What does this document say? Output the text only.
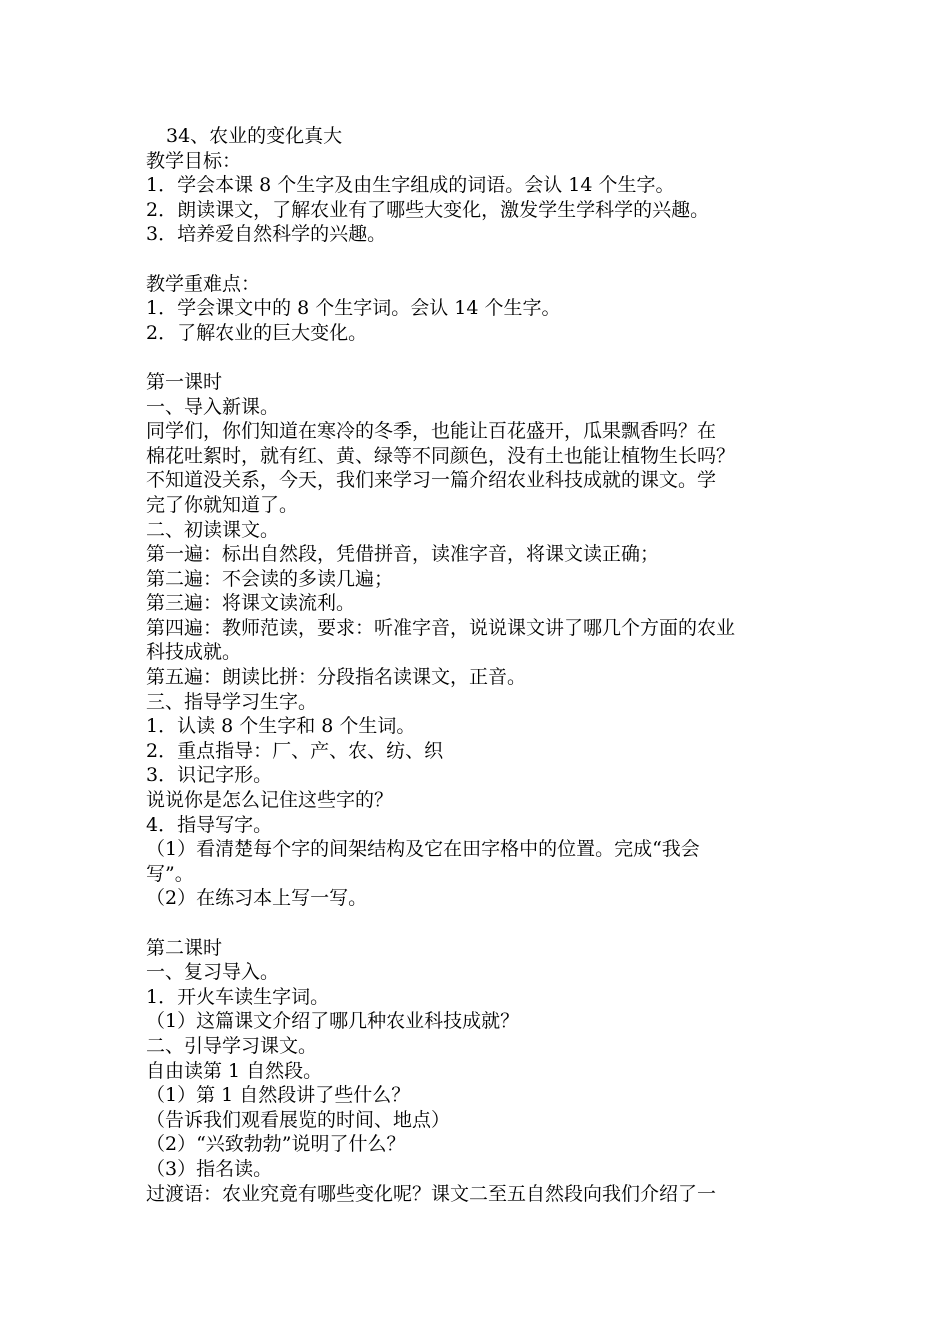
34、农业的变化真大
教学目标：
1．学会本课 8 个生字及由生字组成的词语。会认 14 个生字。
2．朗读课文，了解农业有了哪些大变化，激发学生学科学的兴趣。
3．培养爱自然科学的兴趣。
教学重难点：
1．学会课文中的 8 个生字词。会认 14 个生字。
2．了解农业的巨大变化。
第一课时
一、导入新课。
同学们，你们知道在寒冷的冬季，也能让百花盛开，瓜果飘香吗？在
棉花吐絮时，就有红、黄、绿等不同颜色，没有土也能让植物生长吗？
不知道没关系，今天，我们来学习一篇介绍农业科技成就的课文。学
完了你就知道了。
二、初读课文。
第一遍：标出自然段，凭借拼音，读准字音，将课文读正确；
第二遍：不会读的多读几遍；
第三遍：将课文读流利。
第四遍：教师范读，要求：听准字音，说说课文讲了哪几个方面的农业
科技成就。
第五遍：朗读比拼：分段指名读课文，正音。
三、指导学习生字。
1．认读 8 个生字和 8 个生词。
2．重点指导：厂、产、农、纺、织
3．识记字形。
说说你是怎么记住这些字的？
4．指导写字。
（1）看清楚每个字的间架结构及它在田字格中的位置。完成“我会
写”。
（2）在练习本上写一写。
第二课时
一、复习导入。
1．开火车读生字词。
（1）这篇课文介绍了哪几种农业科技成就？
二、引导学习课文。
自由读第 1 自然段。
（1）第 1 自然段讲了些什么？
（告诉我们观看展览的时间、地点）
（2）“兴致勃勃”说明了什么？
（3）指名读。
过渡语：农业究竟有哪些变化呢？课文二至五自然段向我们介绍了一
